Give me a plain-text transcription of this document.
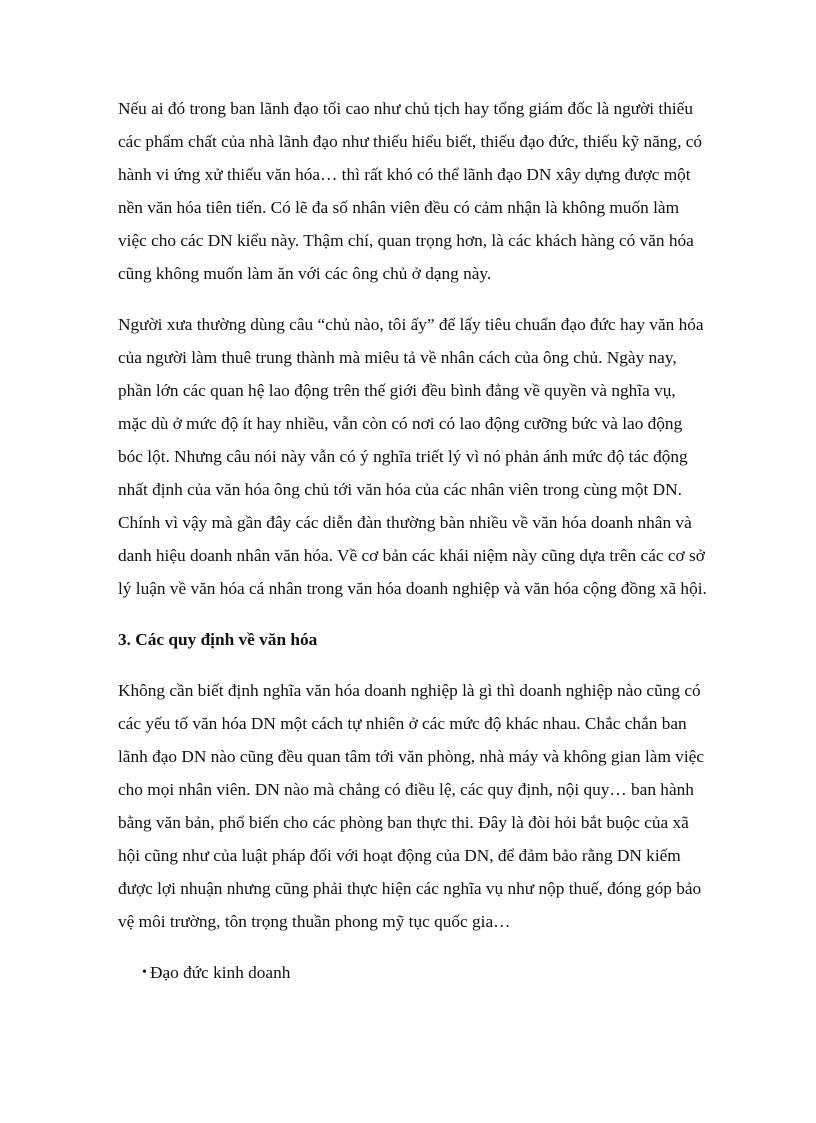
Nếu ai đó trong ban lãnh đạo tối cao như chủ tịch hay tổng giám đốc là người thiếu các phẩm chất của nhà lãnh đạo như thiếu hiểu biết, thiếu đạo đức, thiếu kỹ năng, có hành vi ứng xử thiếu văn hóa… thì rất khó có thể lãnh đạo DN xây dựng được một nền văn hóa tiên tiến. Có lẽ đa số nhân viên đều có cảm nhận là không muốn làm việc cho các DN kiểu này. Thậm chí, quan trọng hơn, là các khách hàng có văn hóa cũng không muốn làm ăn với các ông chủ ở dạng này.

Người xưa thường dùng câu “chủ nào, tôi ấy” để lấy tiêu chuẩn đạo đức hay văn hóa của người làm thuê trung thành mà miêu tả về nhân cách của ông chủ. Ngày nay, phần lớn các quan hệ lao động trên thế giới đều bình đẳng về quyền và nghĩa vụ, mặc dù ở mức độ ít hay nhiều, vẫn còn có nơi có lao động cưỡng bức và lao động bóc lột. Nhưng câu nói này vẫn có ý nghĩa triết lý vì nó phản ánh mức độ tác động nhất định của văn hóa ông chủ tới văn hóa của các nhân viên trong cùng một DN. Chính vì vậy mà gần đây các diễn đàn thường bàn nhiều về văn hóa doanh nhân và danh hiệu doanh nhân văn hóa. Về cơ bản các khái niệm này cũng dựa trên các cơ sở lý luận về văn hóa cá nhân trong văn hóa doanh nghiệp và văn hóa cộng đồng xã hội.

3. Các quy định về văn hóa

Không cần biết định nghĩa văn hóa doanh nghiệp là gì thì doanh nghiệp nào cũng có các yếu tố văn hóa DN một cách tự nhiên ở các mức độ khác nhau. Chắc chắn ban lãnh đạo DN nào cũng đều quan tâm tới văn phòng, nhà máy và không gian làm việc cho mọi nhân viên. DN nào mà chẳng có điều lệ, các quy định, nội quy… ban hành bằng văn bản, phổ biến cho các phòng ban thực thi. Đây là đòi hỏi bắt buộc của xã hội cũng như của luật pháp đối với hoạt động của DN, để đảm bảo rằng DN kiếm được lợi nhuận nhưng cũng phải thực hiện các nghĩa vụ như nộp thuế, đóng góp bảo vệ môi trường, tôn trọng thuần phong mỹ tục quốc gia…

• Đạo đức kinh doanh
